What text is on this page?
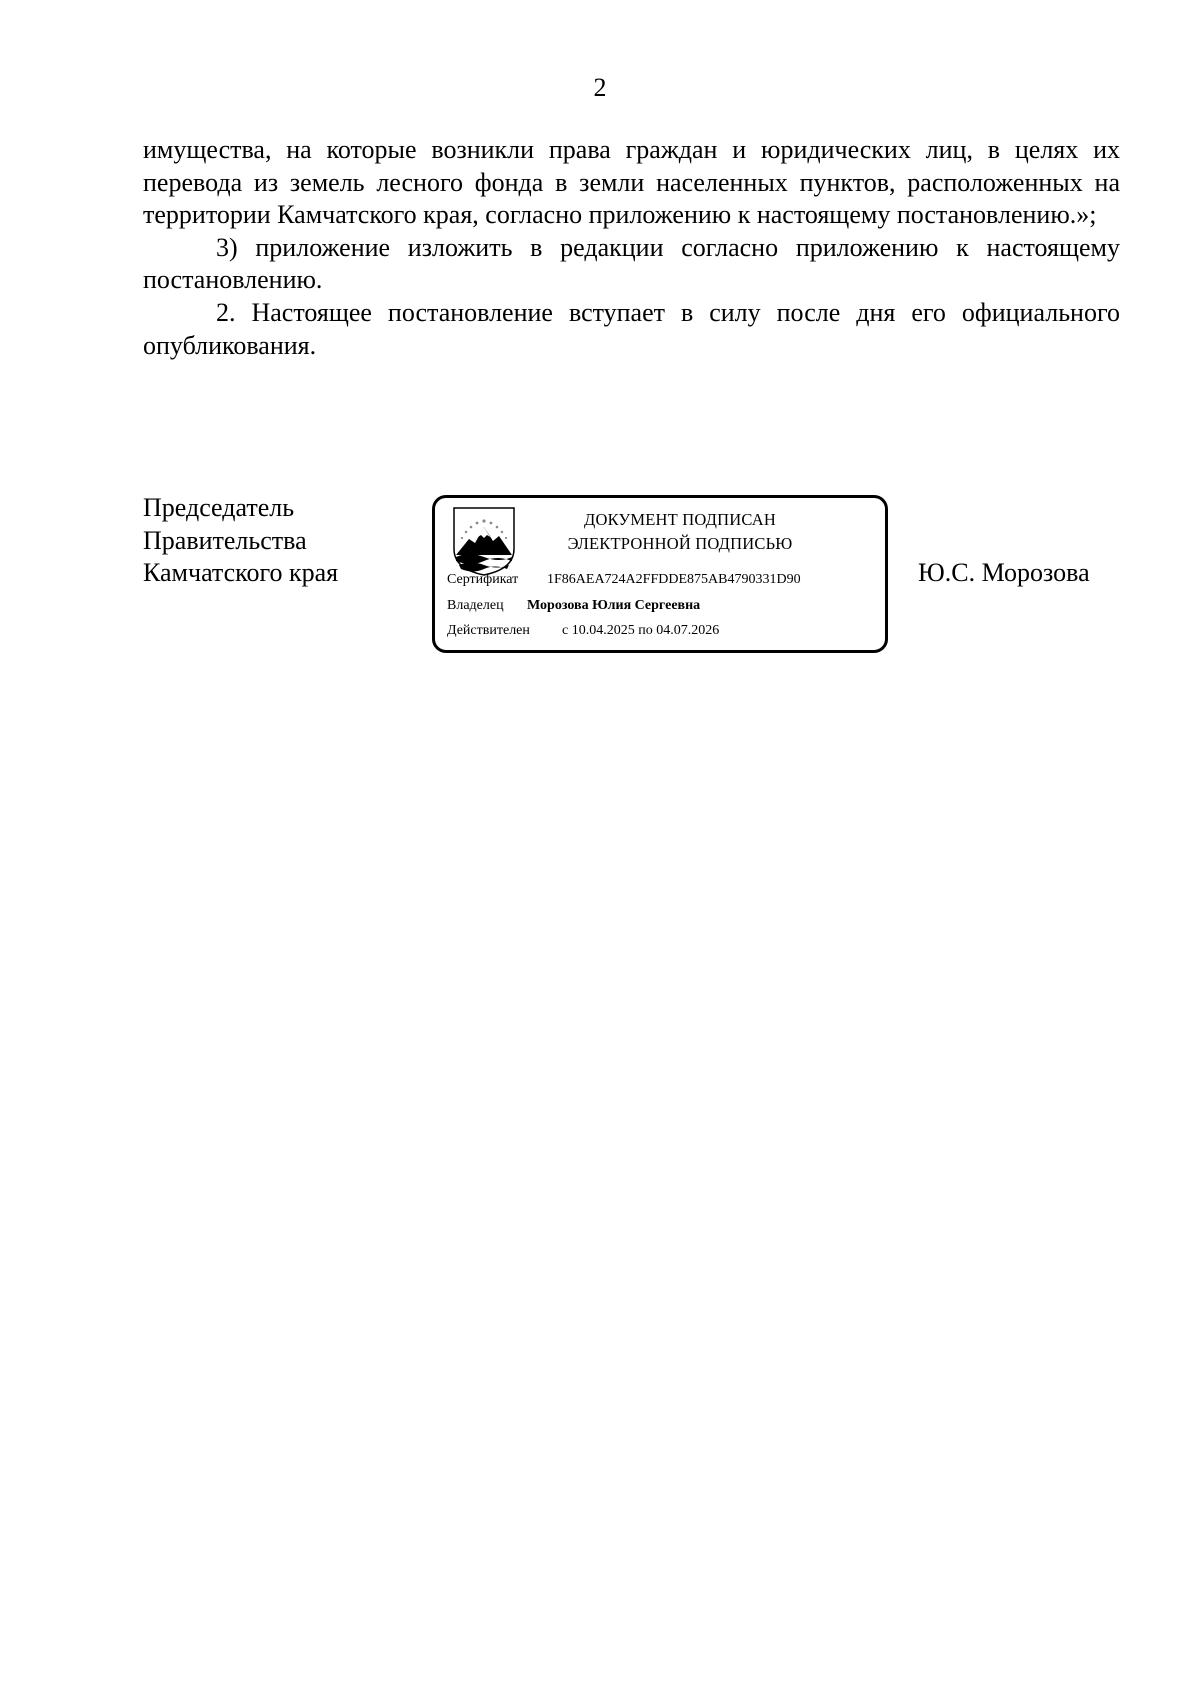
2

имущества, на которые возникли права граждан и юридических лиц, в целях их перевода из земель лесного фонда в земли населенных пунктов, расположенных на территории Камчатского края, согласно приложению к настоящему постановлению.»;

3) приложение изложить в редакции согласно приложению к настоящему постановлению.

2. Настоящее постановление вступает в силу после дня его официального опубликования.

Председатель
Правительства
Камчатского края
ДОКУМЕНТ ПОДПИСАН
ЭЛЕКТРОННОЙ ПОДПИСЬЮ
Сертификат 1F86AEA724A2FFDDE875AB4790331D90
Владелец Морозова Юлия Сергеевна
Действителен с 10.04.2025 по 04.07.2026
Ю.С. Морозова
